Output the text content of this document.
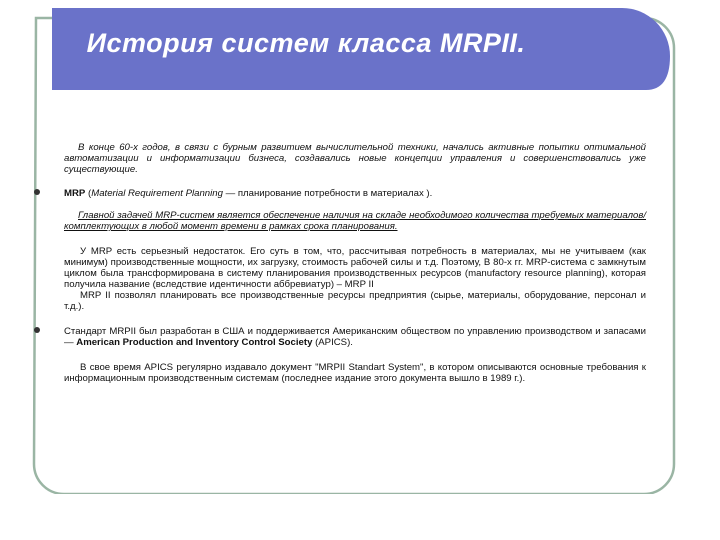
История систем класса MRPII.

В конце 60-х годов, в связи с бурным развитием вычислительной техники, начались активные попытки оптимальной автоматизации и информатизации бизнеса, создавались новые концепции управления и совершенствовались уже существующие.

MRP (Material Requirement Planning — планирование потребности в материалах ).

Главной задачей MRP-систем является обеспечение наличия на складе необходимого количества требуемых материалов/комплектующих в любой момент времени в рамках срока планирования.

У MRP есть серьезный недостаток. Его суть в том, что, рассчитывая потребность в материалах, мы не учитываем (как минимум) производственные мощности, их загрузку, стоимость рабочей силы и т.д. Поэтому, В 80-х гг. MRP-система с замкнутым циклом была трансформирована в систему планирования производственных ресурсов (manufactory resource planning), которая получила название (вследствие идентичности аббревиатур) – MRP II

MRP II позволял планировать все производственные ресурсы предприятия (сырье, материалы, оборудование, персонал и т.д.).

Стандарт MRPII был разработан в США и поддерживается Американским обществом по управлению производством и запасами — American Production and Inventory Control Society (APICS).

В свое время APICS регулярно издавало документ "MRPII Standart System", в котором описываются основные требования к информационным производственным системам (последнее издание этого документа вышло в 1989 г.).
